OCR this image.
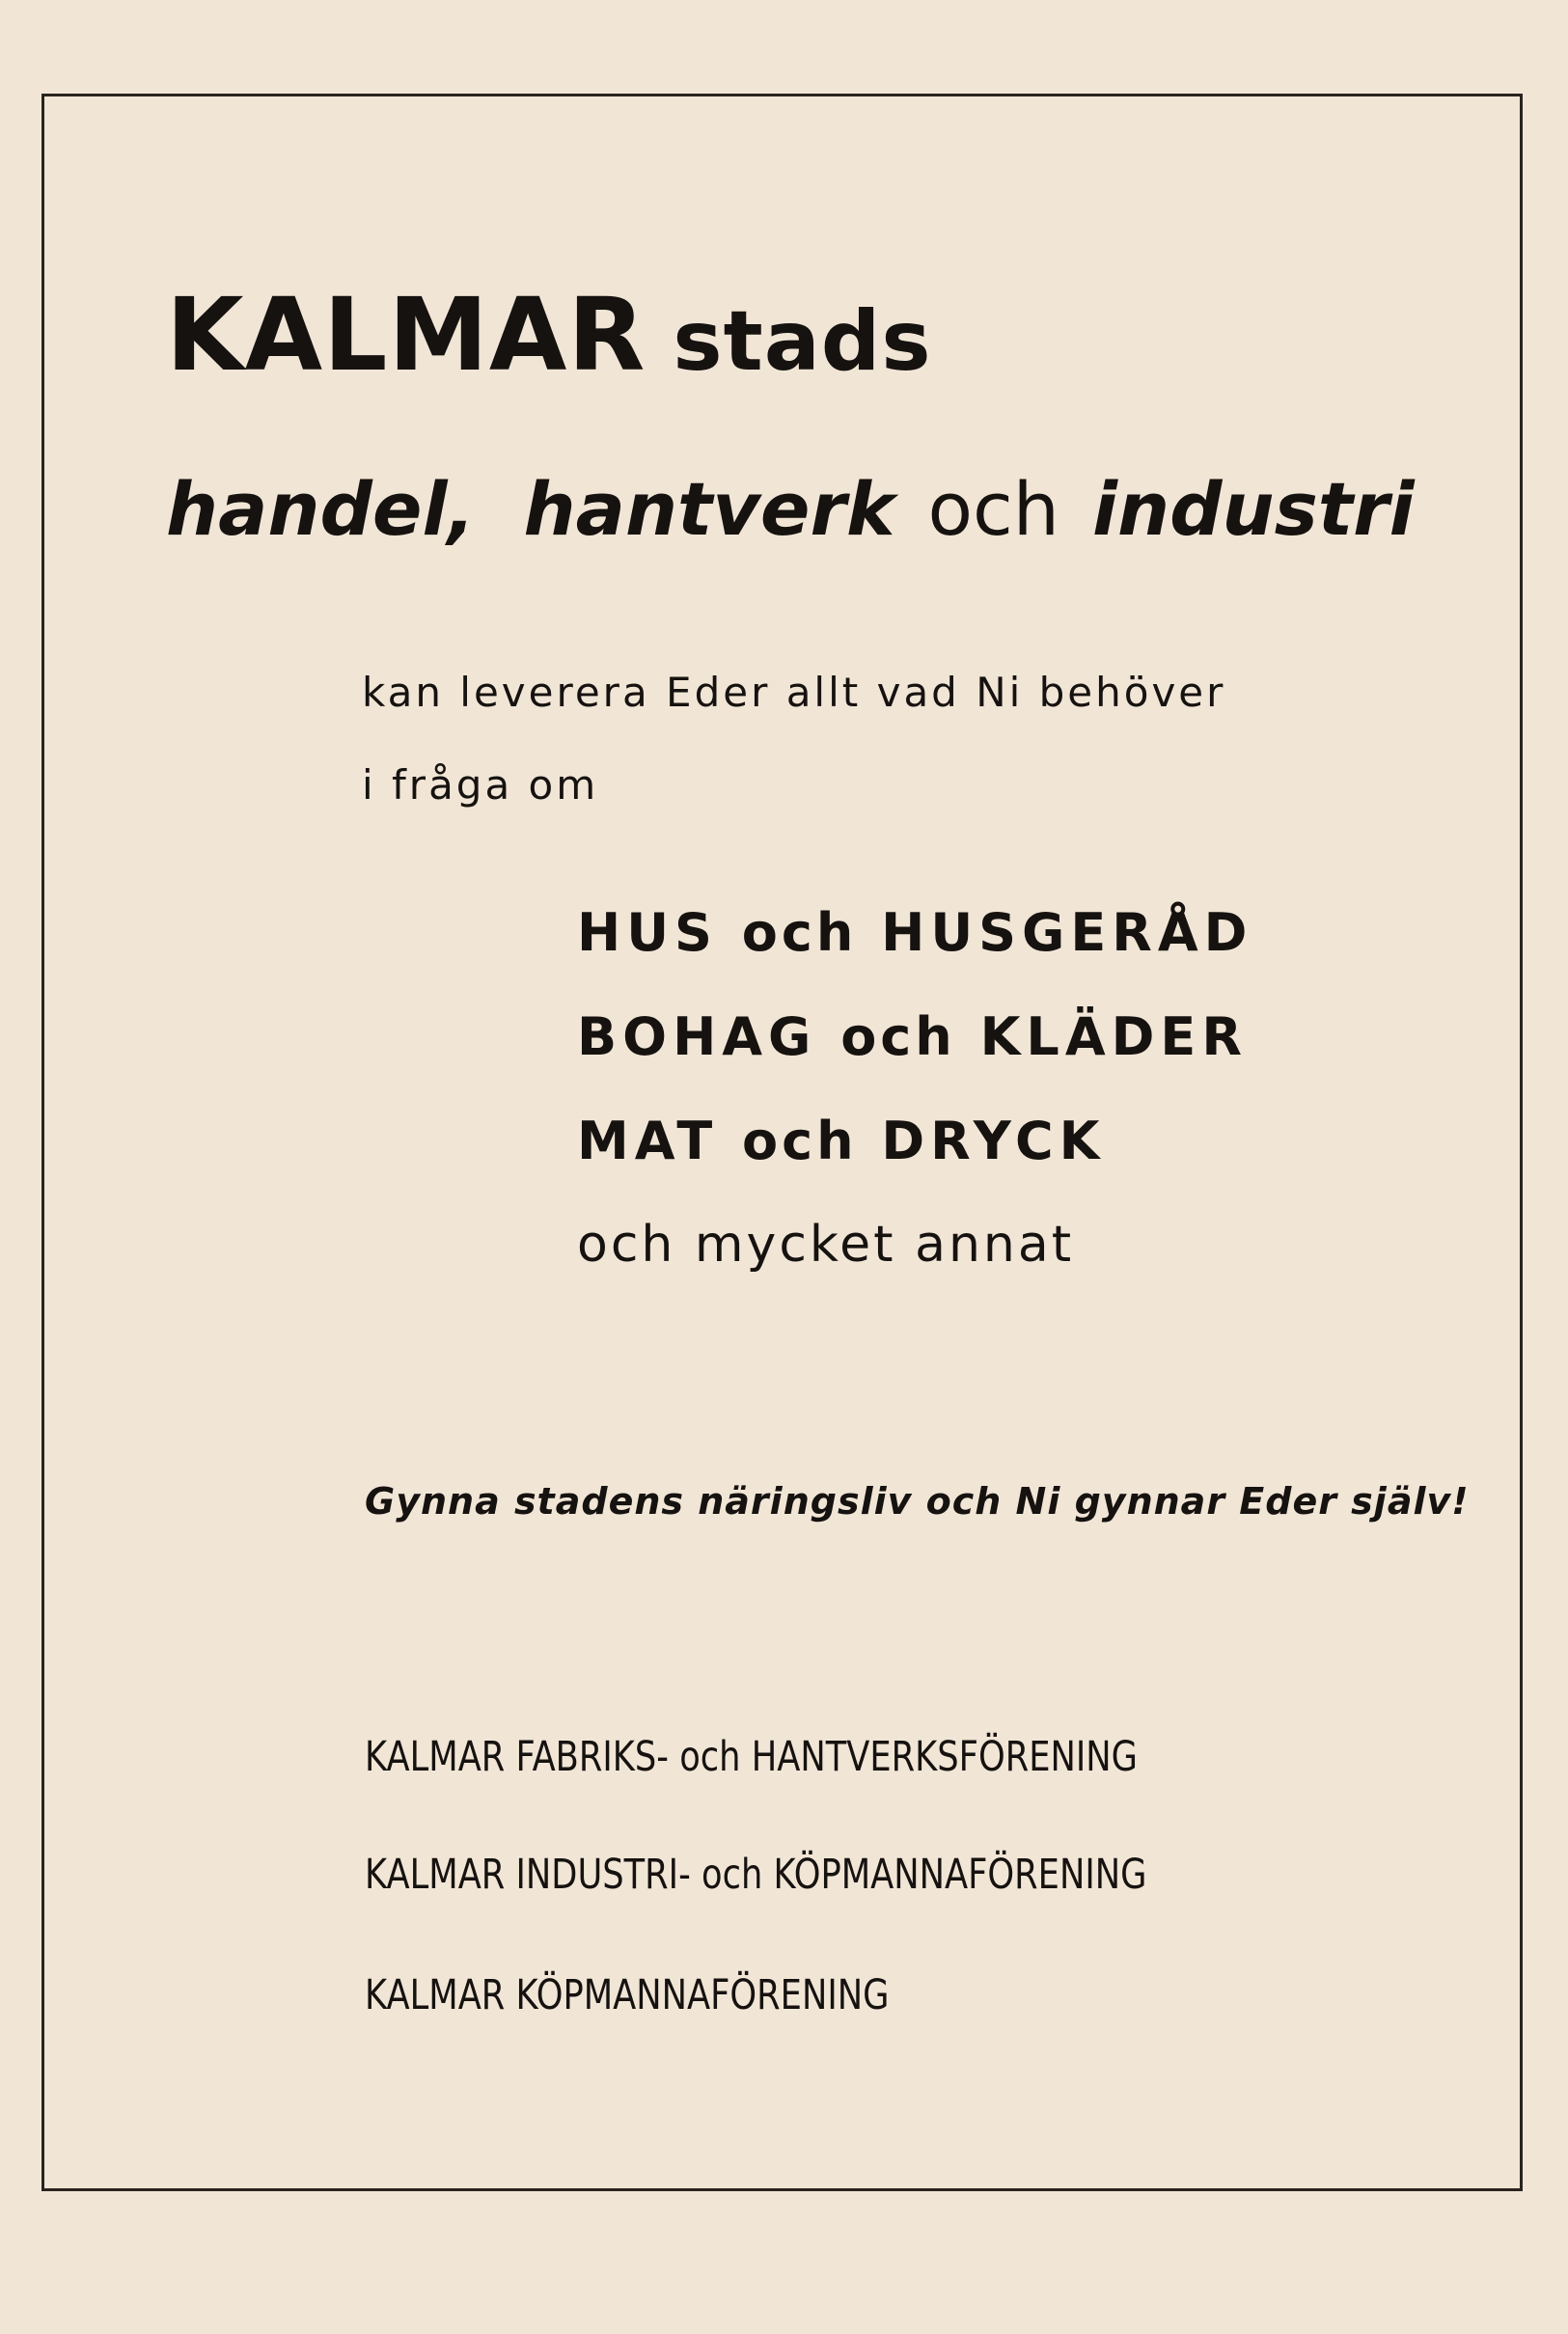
KALMAR stads
handel, hantverk och industri
kan leverera Eder allt vad Ni behöver
i fråga om
HUS och HUSGERÅD
BOHAG och KLÄDER
MAT och DRYCK
och mycket annat
Gynna stadens näringsliv och Ni gynnar Eder själv!
KALMAR FABRIKS- och HANTVERKSFÖRENING
KALMAR INDUSTRI- och KÖPMANNAFÖRENING
KALMAR KÖPMANNAFÖRENING
